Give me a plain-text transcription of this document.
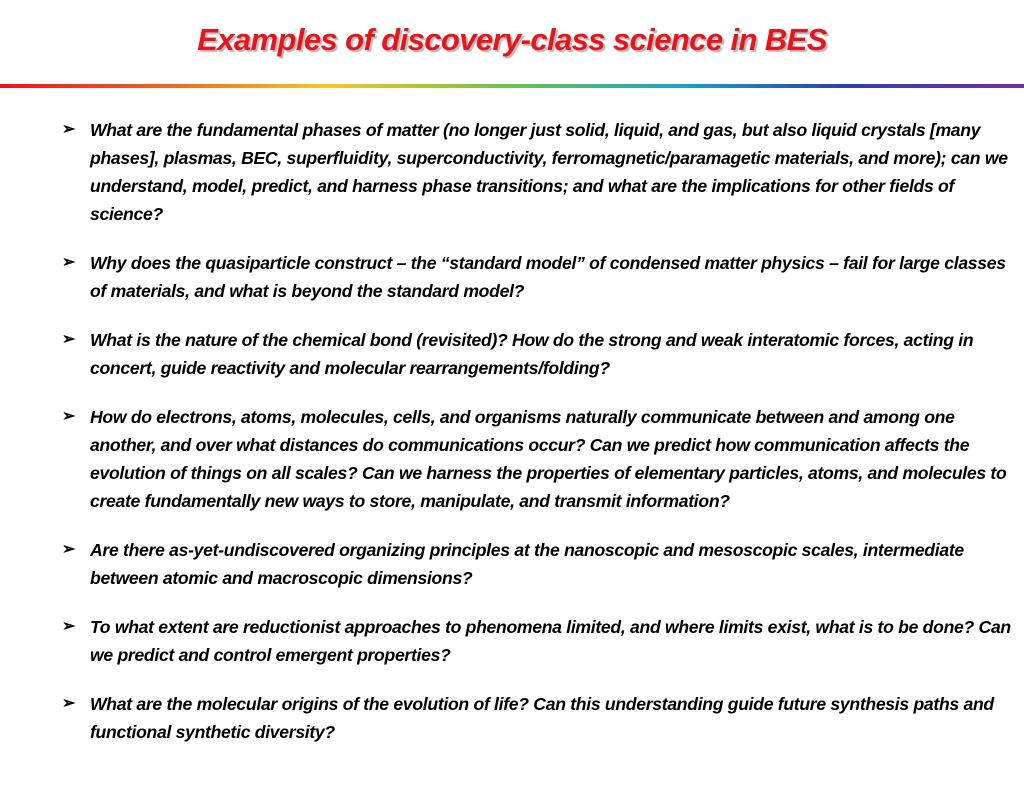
Examples of discovery-class science in BES
➢ What are the fundamental phases of matter (no longer just solid, liquid, and gas, but also liquid crystals [many phases], plasmas, BEC, superfluidity, superconductivity, ferromagnetic/paramagetic materials, and more); can we understand, model, predict, and harness phase transitions; and what are the implications for other fields of science?
➢ Why does the quasiparticle construct – the “standard model” of condensed matter physics – fail for large classes of materials, and what is beyond the standard model?
➢ What is the nature of the chemical bond (revisited)? How do the strong and weak interatomic forces, acting in concert, guide reactivity and molecular rearrangements/folding?
➢ How do electrons, atoms, molecules, cells, and organisms naturally communicate between and among one another, and over what distances do communications occur? Can we predict how communication affects the evolution of things on all scales? Can we harness the properties of elementary particles, atoms, and molecules to create fundamentally new ways to store, manipulate, and transmit information?
➢ Are there as-yet-undiscovered organizing principles at the nanoscopic and mesoscopic scales, intermediate between atomic and macroscopic dimensions?
➢ To what extent are reductionist approaches to phenomena limited, and where limits exist, what is to be done? Can we predict and control emergent properties?
➢ What are the molecular origins of the evolution of life? Can this understanding guide future synthesis paths and functional synthetic diversity?
